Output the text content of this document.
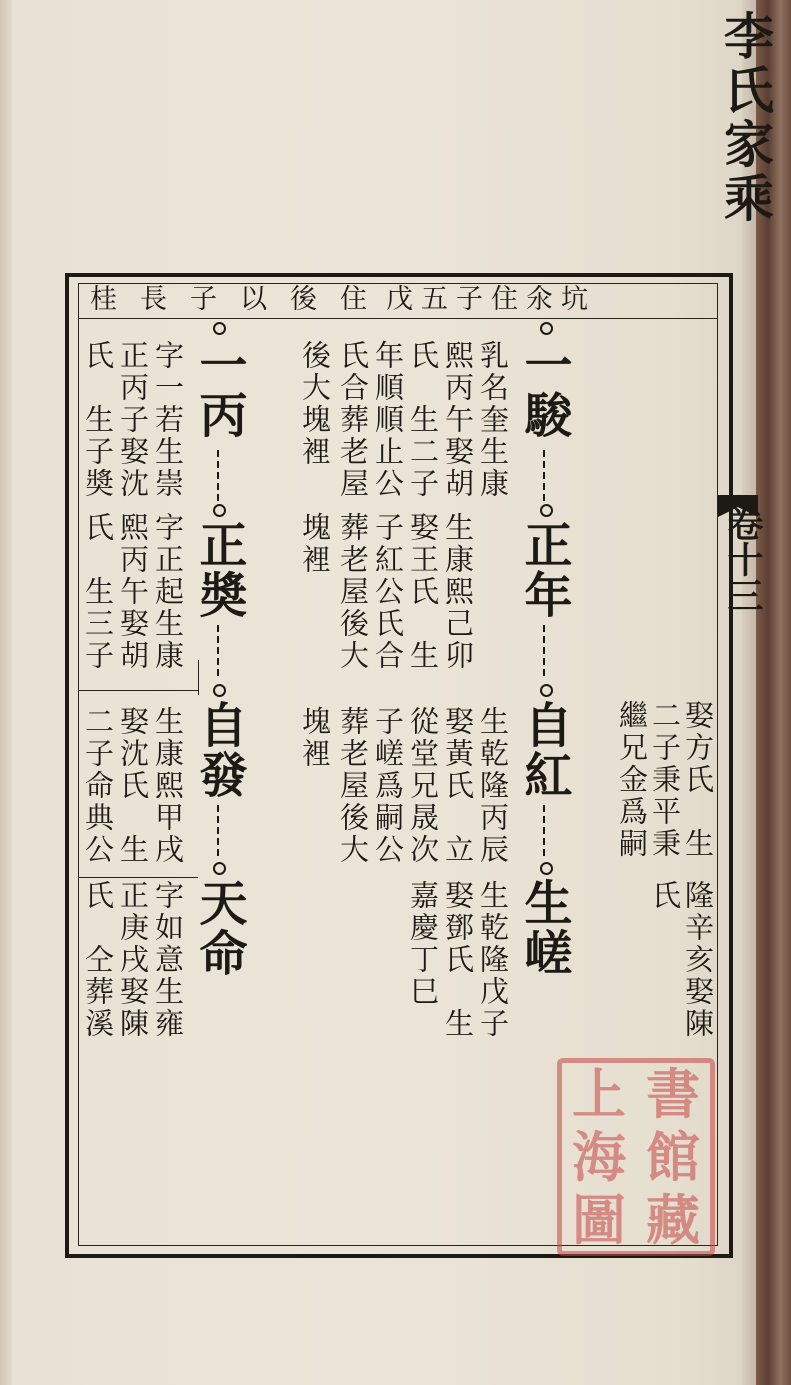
李氏家乘
卷十三
戊五子住氽坑
桂長子以後住
一駿
乳名奎生康
熙丙午娶胡
氏　生二子
年順順止公
氏合葬老屋
後大塊裡
正年
生康熙己卯
娶王氏　生
子紅公氏合
葬老屋後大
塊裡
自紅
生乾隆丙辰
娶黃氏　立
從堂兄晟次
子嵯爲嗣公
葬老屋後大
塊裡
生嵯
生乾隆戊子
娶鄧氏　生
嘉慶丁巳
一丙
字一若生崇
正丙子娶沈
氏　生子奬
正奬
字正起生康
熙丙午娶胡
氏　生三子
自發
生康熙甲戌
娶沈氏　生
二子命典公
天命
字如意生雍
正庚戌娶陳
氏　仝葬溪
娶方氏　生
二子秉平秉
繼兄金爲嗣
隆辛亥娶陳
氏
上 書
海 館
圖 藏
